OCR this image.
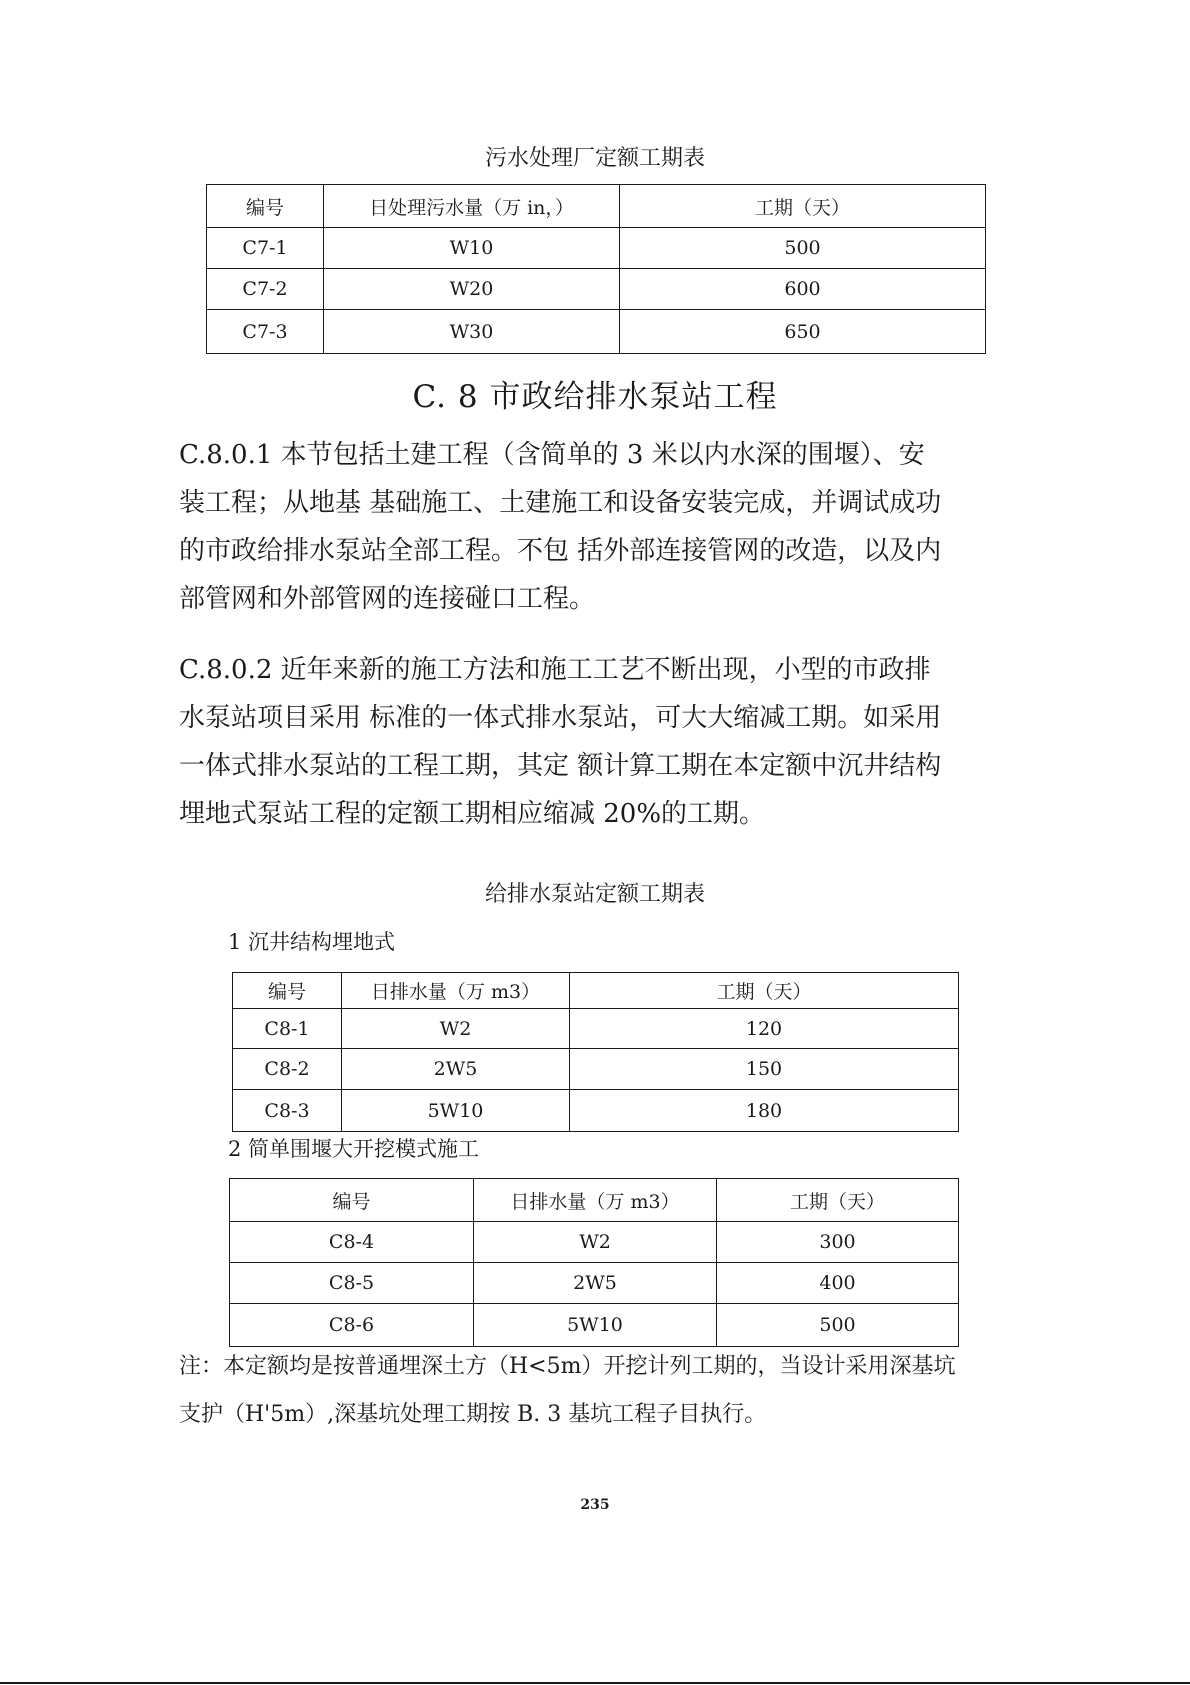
污水处理厂定额工期表
编号	日处理污水量（万 in，）	工期（天）
C7-1	W10	500
C7-2	W20	600
C7-3	W30	650
C. 8 市政给排水泵站工程
C.8.0.1 本节包括土建工程（含简单的 3 米以内水深的围堰）、安
装工程；从地基 基础施工、土建施工和设备安装完成，并调试成功
的市政给排水泵站全部工程。不包 括外部连接管网的改造，以及内
部管网和外部管网的连接碰口工程。
C.8.0.2 近年来新的施工方法和施工工艺不断出现，小型的市政排
水泵站项目采用 标准的一体式排水泵站，可大大缩减工期。如采用
一体式排水泵站的工程工期，其定 额计算工期在本定额中沉井结构
埋地式泵站工程的定额工期相应缩减 20%的工期。
给排水泵站定额工期表
1 沉井结构埋地式
编号	日排水量（万 m3）	工期（天）
C8-1	W2	120
C8-2	2W5	150
C8-3	5W10	180
2 简单围堰大开挖模式施工
编号	日排水量（万 m3）	工期（天）
C8-4	W2	300
C8-5	2W5	400
C8-6	5W10	500
注：本定额均是按普通埋深土方（H<5m）开挖计列工期的，当设计采用深基坑
支护（H'5m）,深基坑处理工期按 B. 3 基坑工程子目执行。
235
